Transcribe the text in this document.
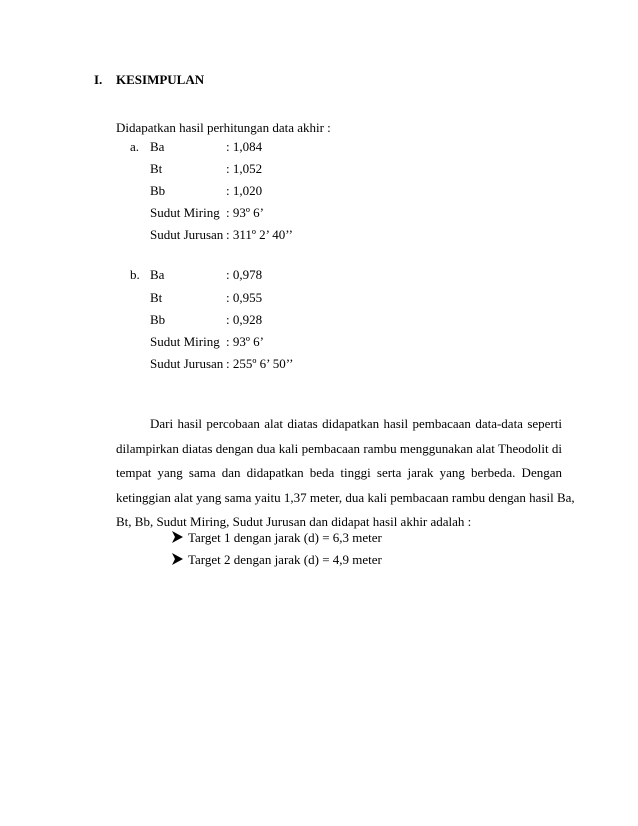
I.	KESIMPULAN
Didapatkan hasil perhitungan data akhir :
a. Ba	: 1,084
Bt	: 1,052
Bb	: 1,020
Sudut Miring : 93º 6’
Sudut Jurusan : 311º 2’ 40’’
b. Ba	: 0,978
Bt	: 0,955
Bb	: 0,928
Sudut Miring : 93º 6’
Sudut Jurusan : 255º 6’ 50’’
Dari hasil percobaan alat diatas didapatkan hasil pembacaan data-data seperti
dilampirkan diatas dengan dua kali pembacaan rambu menggunakan alat Theodolit di
tempat yang sama dan didapatkan beda tinggi serta jarak yang berbeda. Dengan
ketinggian alat yang sama yaitu 1,37 meter, dua kali pembacaan rambu dengan hasil Ba,
Bt, Bb, Sudut Miring, Sudut Jurusan dan didapat hasil akhir adalah :
Target 1 dengan jarak (d) = 6,3 meter
Target 2 dengan jarak (d) = 4,9 meter
